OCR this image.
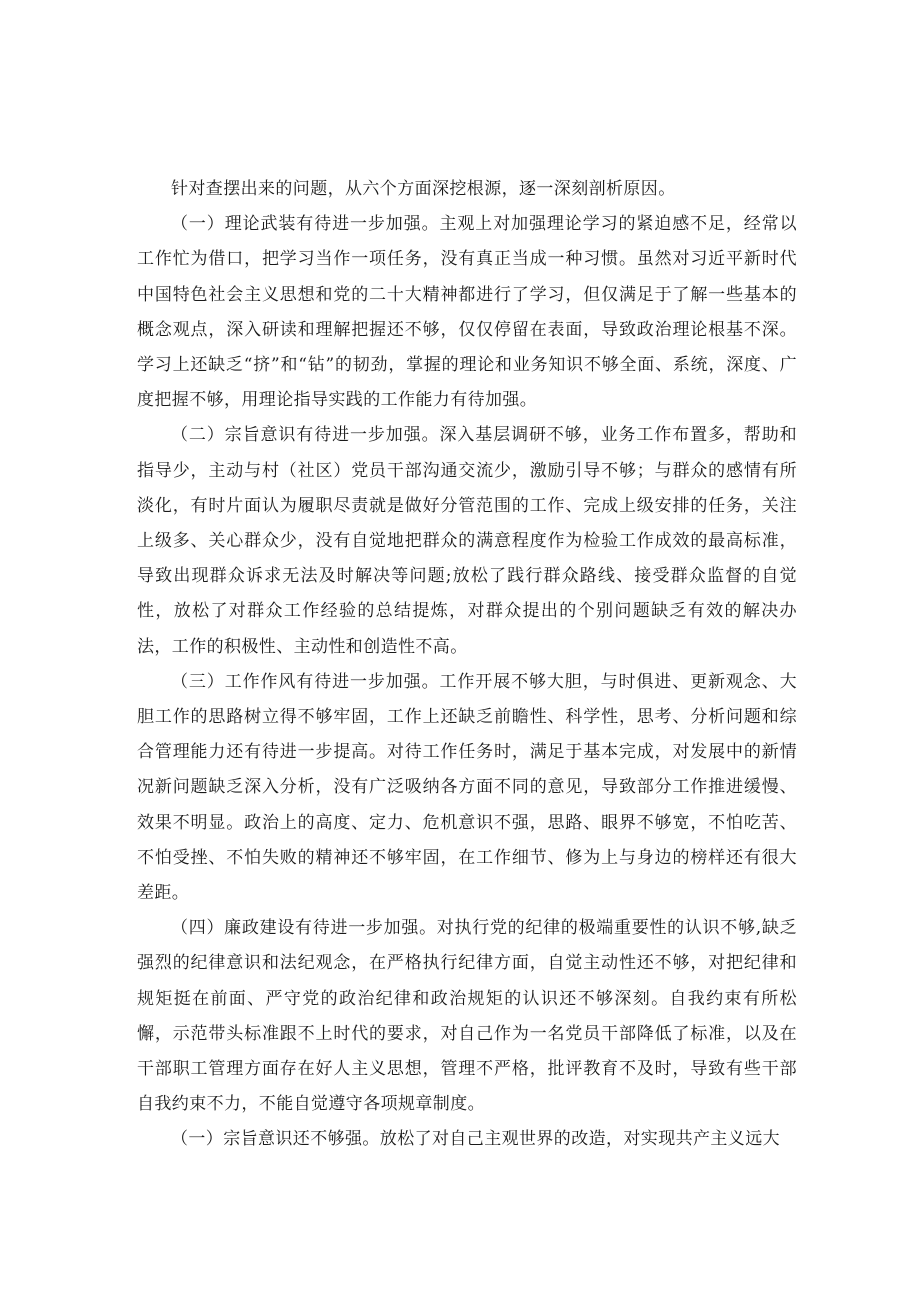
针对查摆出来的问题，从六个方面深挖根源，逐一深刻剖析原因。

（一）理论武装有待进一步加强。主观上对加强理论学习的紧迫感不足，经常以工作忙为借口，把学习当作一项任务，没有真正当成一种习惯。虽然对习近平新时代中国特色社会主义思想和党的二十大精神都进行了学习，但仅满足于了解一些基本的概念观点，深入研读和理解把握还不够，仅仅停留在表面，导致政治理论根基不深。学习上还缺乏“挤”和“钻”的韧劲，掌握的理论和业务知识不够全面、系统，深度、广度把握不够，用理论指导实践的工作能力有待加强。

（二）宗旨意识有待进一步加强。深入基层调研不够，业务工作布置多，帮助和指导少，主动与村（社区）党员干部沟通交流少，激励引导不够；与群众的感情有所淡化，有时片面认为履职尽责就是做好分管范围的工作、完成上级安排的任务，关注上级多、关心群众少，没有自觉地把群众的满意程度作为检验工作成效的最高标准，导致出现群众诉求无法及时解决等问题;放松了践行群众路线、接受群众监督的自觉性，放松了对群众工作经验的总结提炼，对群众提出的个别问题缺乏有效的解决办法，工作的积极性、主动性和创造性不高。

（三）工作作风有待进一步加强。工作开展不够大胆，与时俱进、更新观念、大胆工作的思路树立得不够牢固，工作上还缺乏前瞻性、科学性，思考、分析问题和综合管理能力还有待进一步提高。对待工作任务时，满足于基本完成，对发展中的新情况新问题缺乏深入分析，没有广泛吸纳各方面不同的意见，导致部分工作推进缓慢、效果不明显。政治上的高度、定力、危机意识不强，思路、眼界不够宽，不怕吃苦、不怕受挫、不怕失败的精神还不够牢固，在工作细节、修为上与身边的榜样还有很大差距。

（四）廉政建设有待进一步加强。对执行党的纪律的极端重要性的认识不够,缺乏强烈的纪律意识和法纪观念，在严格执行纪律方面，自觉主动性还不够，对把纪律和规矩挺在前面、严守党的政治纪律和政治规矩的认识还不够深刻。自我约束有所松懈，示范带头标准跟不上时代的要求，对自己作为一名党员干部降低了标准，以及在干部职工管理方面存在好人主义思想，管理不严格，批评教育不及时，导致有些干部自我约束不力，不能自觉遵守各项规章制度。

（一）宗旨意识还不够强。放松了对自己主观世界的改造，对实现共产主义远大
